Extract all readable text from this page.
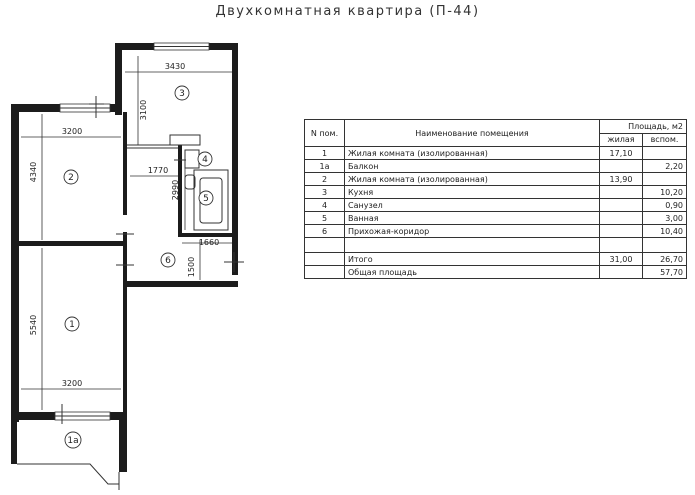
Двухкомнатная квартира (П-44)
3430
3100
3200
4340	1770
2990
1660
1500
5540
3200
3
2
4
5
6
1
1а
N пом.	Наименование помещения	Площадь, м2	
		жилая	вспом.
1	Жилая комната (изолированная)	17,10	
1а	Балкон		2,20
2	Жилая комната (изолированная)	13,90	
3	Кухня		10,20
4	Санузел		0,90
5	Ванная		3,00
6	Прихожая-коридор		10,40

	Итого	31,00	26,70
	Общая площадь		57,70
